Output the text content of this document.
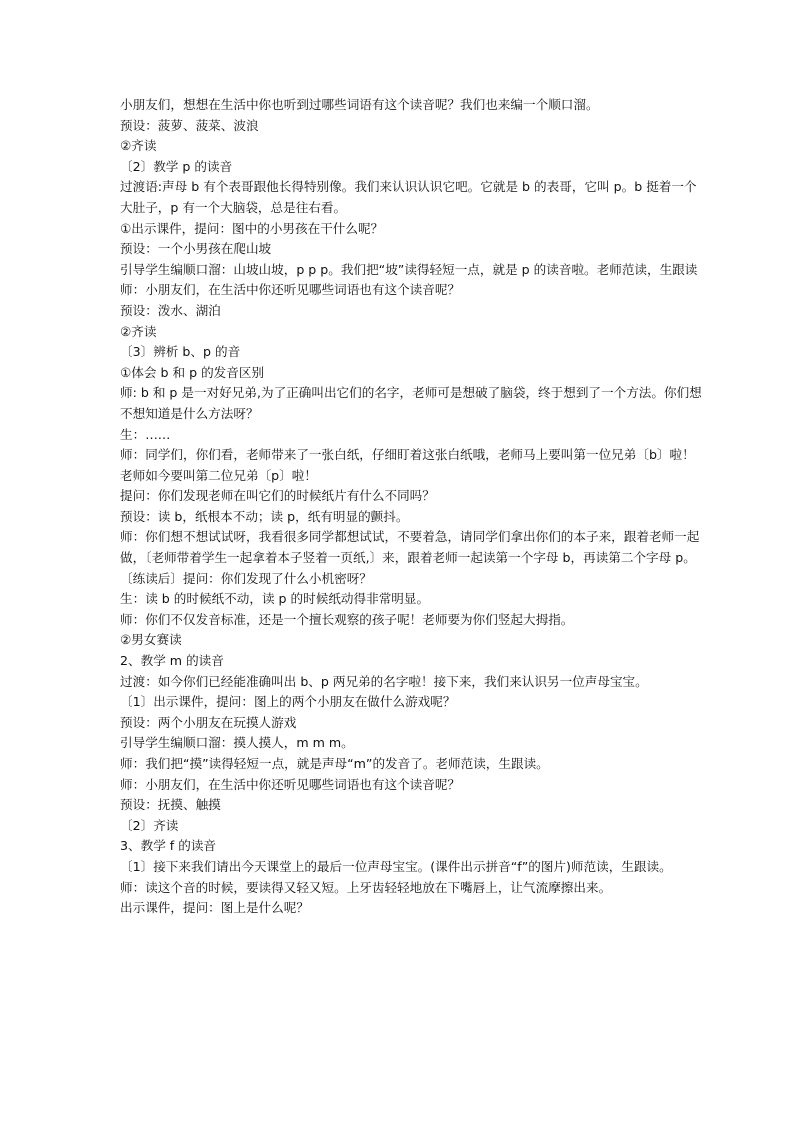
小朋友们，想想在生活中你也听到过哪些词语有这个读音呢？我们也来编一个顺口溜。

预设：菠萝、菠菜、波浪

②齐读

〔2〕教学 p 的读音

过渡语:声母 b 有个表哥跟他长得特别像。我们来认识认识它吧。它就是 b 的表哥，它叫 p。b 挺着一个大肚子，p 有一个大脑袋，总是往右看。

①出示课件，提问：图中的小男孩在干什么呢？

预设：一个小男孩在爬山坡

引导学生编顺口溜：山坡山坡，p p p。我们把“坡”读得轻短一点，就是 p 的读音啦。老师范读，生跟读

师：小朋友们，在生活中你还听见哪些词语也有这个读音呢？

预设：泼水、湖泊

②齐读

〔3〕辨析 b、p 的音

①体会 b 和 p 的发音区别

师: b 和 p 是一对好兄弟,为了正确叫出它们的名字，老师可是想破了脑袋，终于想到了一个方法。你们想不想知道是什么方法呀？

生：……

师：同学们，你们看，老师带来了一张白纸，仔细盯着这张白纸哦，老师马上要叫第一位兄弟〔b〕啦！老师如今要叫第二位兄弟〔p〕啦！

提问：你们发现老师在叫它们的时候纸片有什么不同吗？

预设：读 b，纸根本不动；读 p，纸有明显的颤抖。

师：你们想不想试试呀，我看很多同学都想试试，不要着急，请同学们拿出你们的本子来，跟着老师一起做，〔老师带着学生一起拿着本子竖着一页纸,〕来，跟着老师一起读第一个字母 b，再读第二个字母 p。

〔练读后〕提问：你们发现了什么小机密呀？

生：读 b 的时候纸不动，读 p 的时候纸动得非常明显。

师：你们不仅发音标准，还是一个擅长观察的孩子呢！老师要为你们竖起大拇指。

②男女赛读

2、教学 m 的读音

过渡：如今你们已经能准确叫出 b、p 两兄弟的名字啦！接下来，我们来认识另一位声母宝宝。

〔1〕出示课件，提问：图上的两个小朋友在做什么游戏呢？

预设：两个小朋友在玩摸人游戏

引导学生编顺口溜：摸人摸人，m m m。

师：我们把“摸”读得轻短一点，就是声母“m”的发音了。老师范读，生跟读。

师：小朋友们，在生活中你还听见哪些词语也有这个读音呢？

预设：抚摸、触摸

〔2〕齐读

3、教学 f 的读音

〔1〕接下来我们请出今天课堂上的最后一位声母宝宝。(课件出示拼音“f”的图片)师范读，生跟读。

师：读这个音的时候，要读得又轻又短。上牙齿轻轻地放在下嘴唇上，让气流摩擦出来。

出示课件，提问：图上是什么呢？
